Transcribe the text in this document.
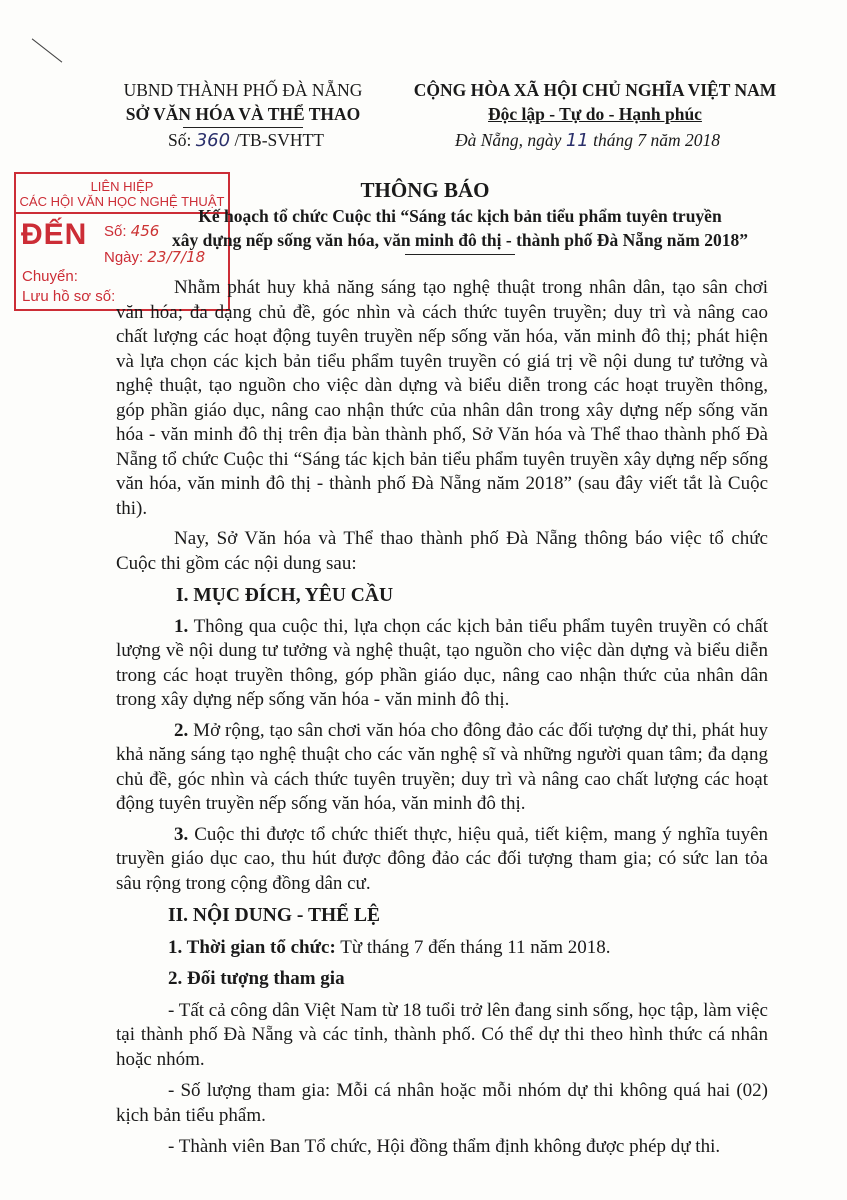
UBND THÀNH PHỐ ĐÀ NẴNG
SỞ VĂN HÓA VÀ THỂ THAO
Số: 360 /TB-SVHTT
CỘNG HÒA XÃ HỘI CHỦ NGHĨA VIỆT NAM
Độc lập - Tự do - Hạnh phúc
Đà Nẵng, ngày 11 tháng 7 năm 2018
LIÊN HIỆP
CÁC HỘI VĂN HỌC NGHỆ THUẬT
ĐẾN Số: 456
Ngày: 23/7/18
Chuyển:
Lưu hồ sơ số:
THÔNG BÁO
Kế hoạch tổ chức Cuộc thi “Sáng tác kịch bản tiểu phẩm tuyên truyền
xây dựng nếp sống văn hóa, văn minh đô thị - thành phố Đà Nẵng năm 2018”

Nhằm phát huy khả năng sáng tạo nghệ thuật trong nhân dân, tạo sân chơi văn hóa; đa dạng chủ đề, góc nhìn và cách thức tuyên truyền; duy trì và nâng cao chất lượng các hoạt động tuyên truyền nếp sống văn hóa, văn minh đô thị; phát hiện và lựa chọn các kịch bản tiểu phẩm tuyên truyền có giá trị về nội dung tư tưởng và nghệ thuật, tạo nguồn cho việc dàn dựng và biểu diễn trong các hoạt truyền thông, góp phần giáo dục, nâng cao nhận thức của nhân dân trong xây dựng nếp sống văn hóa - văn minh đô thị trên địa bàn thành phố, Sở Văn hóa và Thể thao thành phố Đà Nẵng tổ chức Cuộc thi “Sáng tác kịch bản tiểu phẩm tuyên truyền xây dựng nếp sống văn hóa, văn minh đô thị - thành phố Đà Nẵng năm 2018” (sau đây viết tắt là Cuộc thi).

Nay, Sở Văn hóa và Thể thao thành phố Đà Nẵng thông báo việc tổ chức Cuộc thi gồm các nội dung sau:

I. MỤC ĐÍCH, YÊU CẦU

1. Thông qua cuộc thi, lựa chọn các kịch bản tiểu phẩm tuyên truyền có chất lượng về nội dung tư tưởng và nghệ thuật, tạo nguồn cho việc dàn dựng và biểu diễn trong các hoạt truyền thông, góp phần giáo dục, nâng cao nhận thức của nhân dân trong xây dựng nếp sống văn hóa - văn minh đô thị.

2. Mở rộng, tạo sân chơi văn hóa cho đông đảo các đối tượng dự thi, phát huy khả năng sáng tạo nghệ thuật cho các văn nghệ sĩ và những người quan tâm; đa dạng chủ đề, góc nhìn và cách thức tuyên truyền; duy trì và nâng cao chất lượng các hoạt động tuyên truyền nếp sống văn hóa, văn minh đô thị.

3. Cuộc thi được tổ chức thiết thực, hiệu quả, tiết kiệm, mang ý nghĩa tuyên truyền giáo dục cao, thu hút được đông đảo các đối tượng tham gia; có sức lan tỏa sâu rộng trong cộng đồng dân cư.

II. NỘI DUNG - THỂ LỆ

1. Thời gian tổ chức: Từ tháng 7 đến tháng 11 năm 2018.

2. Đối tượng tham gia

- Tất cả công dân Việt Nam từ 18 tuổi trở lên đang sinh sống, học tập, làm việc tại thành phố Đà Nẵng và các tỉnh, thành phố. Có thể dự thi theo hình thức cá nhân hoặc nhóm.

- Số lượng tham gia: Mỗi cá nhân hoặc mỗi nhóm dự thi không quá hai (02) kịch bản tiểu phẩm.

- Thành viên Ban Tổ chức, Hội đồng thẩm định không được phép dự thi.
